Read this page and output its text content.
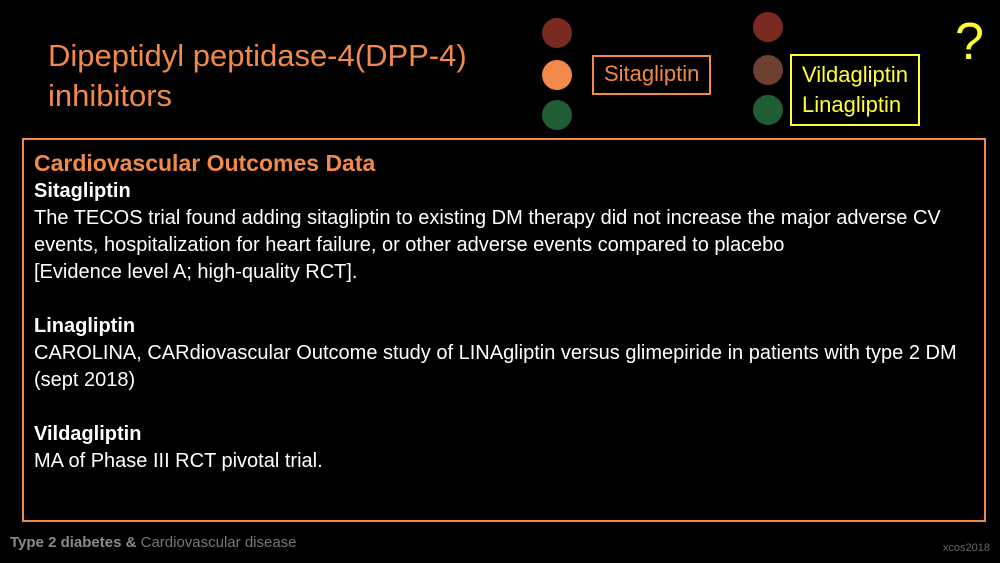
Dipeptidyl peptidase-4(DPP-4)
inhibitors
Sitagliptin	Vildagliptin
Linagliptin
?
Cardiovascular Outcomes Data
Sitagliptin
The TECOS trial found adding sitagliptin to existing DM therapy did not increase the major adverse CV events, hospitalization for heart failure, or other adverse events compared to placebo
[Evidence level A; high-quality RCT].
Linagliptin
CAROLINA, CARdiovascular Outcome study of LINAgliptin versus glimepiride in patients with type 2 DM (sept 2018)
Vildagliptin
MA of Phase III RCT pivotal trial.
Type 2 diabetes & Cardiovascular disease	xcos2018
